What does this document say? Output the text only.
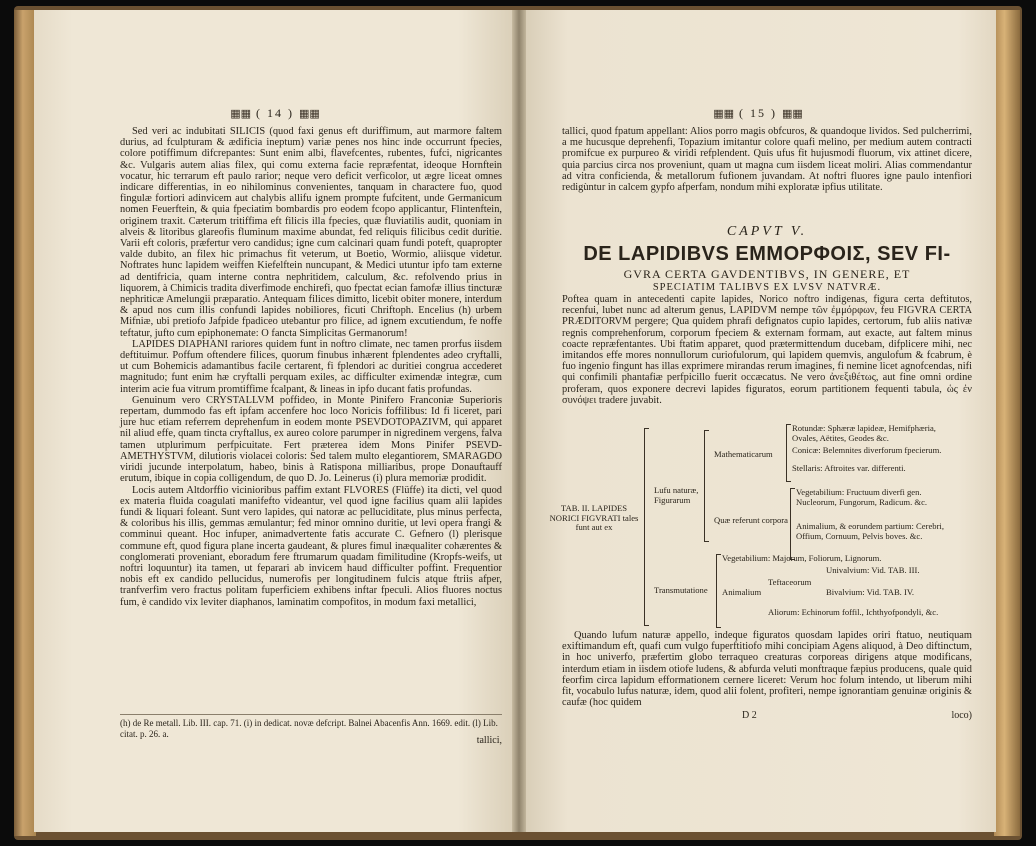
▦▦ ( 14 ) ▦▦

Sed veri ac indubitati SILICIS (quod faxi genus eft duriffimum, aut marmore faltem durius, ad fculpturam & ædificia ineptum) variæ penes nos hinc inde occurrunt fpecies, colore potiffimum difcrepantes: Sunt enim albi, flavefcentes, rubentes, fufci, nigricantes &c. Vulgaris autem alias filex, qui comu externa facie repræfentat, ideoque Hornftein vocatur, hic terrarum eft paulo rarior; neque vero deficit verficolor, ut ægre liceat omnes indicare differentias, in eo nihilominus convenientes, tanquam in charactere fuo, quod fingulæ fortiori adinvicem aut chalybis allifu ignem prompte fufcitent, unde Germanicum nomen Feuerftein, & quia fpeciatim bombardis pro eodem fcopo applicantur, Flintenftein, originem traxit. Cæterum tritiffima eft filicis illa fpecies, quæ fluviatilis audit, quoniam in alveis & litoribus glareofis fluminum maxime abundat, fed reliquis filicibus cedit duritie. Varii eft coloris, præfertur vero candidus; igne cum calcinari quam fundi poteft, quapropter valde dubito, an filex hic primachus fit veterum, ut Boetio, Wormio, aliisque videtur. Noftrates hunc lapidem weiffen Kiefelftein nuncupant, & Medici utuntur ipfo tam externe ad dentifricia, quam interne contra nephritidem, calculum, &c. refolvendo prius in liquorem, à Chimicis tradita diverfimode enchirefi, quo fpectat ecian famofæ illius tincturæ nephriticæ Amelungii præparatio. Antequam filices dimitto, licebit obiter monere, interdum & apud nos cum illis confundi lapides nobiliores, ficuti Chriftoph. Encelius (h) urbem Mifniæ, ubi pretiofo Jafpide fpadiceo utebantur pro filice, ad ignem excutiendum, fe noffe teftatur, jufto cum epiphonemate: O fancta Simplicitas Germanorum!

LAPIDES DIAPHANI rariores quidem funt in noftro climate, nec tamen prorfus iisdem deftituimur. Poffum oftendere filices, quorum finubus inhærent fplendentes adeo cryftalli, ut cum Bohemicis adamantibus facile certarent, fi fplendori ac duritiei congrua accederet magnitudo; funt enim hæ cryftalli perquam exiles, ac difficulter eximendæ integræ, cum interim acie fua vitrum promtiffime fcalpant, & lineas in ipfo ducant fatis profundas.

Genuinum vero CRYSTALLVM poffideo, in Monte Pinifero Franconiæ Superioris repertam, dummodo fas eft ipfam accenfere hoc loco Noricis foffilibus: Id fi liceret, pari jure huc etiam referrem deprehenfum in eodem monte PSEVDOTOPAZIVM, qui apparet nil aliud effe, quam tincta cryftallus, ex aureo colore parumper in nigredinem vergens, falva tamen utplurimum perfpicuitate. Fert præterea idem Mons Pinifer PSEVD-AMETHYSTVM, dilutioris violacei coloris: Sed talem multo elegantiorem, SMARAGDO viridi jucunde interpolatum, habeo, binis à Ratispona milliaribus, prope Donauftauff erutum, ibique in copia colligendum, de quo D. Jo. Leinerus (i) plura memoriæ prodidit.

Locis autem Altdorffio vicinioribus paffim extant FLVORES (Flüffe) ita dicti, vel quod ex materia fluida coagulati manifefto videantur, vel quod igne facilius quam alii lapides fundi & liquari foleant. Sunt vero lapides, qui natoræ ac pelluciditate, plus minus perfecta, & coloribus his illis, gemmas æmulantur; fed minor omnino duritie, ut levi opera frangi & comminui queant. Hoc infuper, animadvertente fatis accurate C. Gefnero (l) plerisque commune eft, quod figura plane incerta gaudeant, & plures fimul inæqualiter cohærentes & conglomerati proveniant, eboradum fere ftrumarum quadam fimilitudine (Kropfs-weifs, ut noftri loquuntur) ita tamen, ut feparari ab invicem haud difficulter poffint. Frequentior nobis eft ex candido pellucidus, numerofis per longitudinem fulcis atque ftriis afper, tranfverfim vero fractus politam fuperficiem exhibens inftar fpeculi. Alios fluores noctus fum, è candido vix leviter diaphanos, laminatim compofitos, in modum faxi metallici,

(h) de Re metall. Lib. III. cap. 71. (i) in dedicat. novæ defcript. Balnei Abacenfis Ann. 1669. edit. (l) Lib. citat. p. 26. a.
tallici,
▦▦ ( 15 ) ▦▦

tallici, quod fpatum appellant: Alios porro magis obfcuros, & quandoque lividos. Sed pulcherrimi, a me hucusque deprehenfi, Topazium imitantur colore quafi melino, per medium autem contracti promifcue ex purpureo & viridi refplendent. Quis ufus fit hujusmodi fluorum, vix attinet dicere, quia parcius circa nos provenìunt, quam ut magna cum iisdem liceat moliri. Alias commendantur ad vitra conficienda, & metallorum fufionem juvandam. At noftri fluores igne paulo intenfiori redigùntur in calcem gypfo afperfam, nondum mihi exploratæ ipfius utilitate.

CAPVT V.
DE LAPIDIBVS EMMOPΦOIΣ, SEV FI-
GVRA CERTA GAVDENTIBVS, IN GENERE, ET
SPECIATIM TALIBVS EX LVSV NATVRÆ.

Poftea quam in antecedenti capite lapides, Norico noftro indigenas, figura certa deftitutos, recenfui, lubet nunc ad alterum genus, LAPIDVM nempe τῶν ἐμμόρφων, feu FIGVRA CERTA PRÆDITORVM pergere; Qua quidem phrafi defignatos cupio lapides, certorum, fub aliis nativæ regnis comprehenforum, corporum fpeciem & externam formam, aut exacte, aut faltem minus coacte repræfentantes. Ubi ftatim apparet, quod prætermittendum ducebam, difplicere mihi, nec imitandos effe mores nonnullorum curiofulorum, qui lapidem quemvis, angulofum & fcabrum, è fuo ingenio fingunt has illas exprimere mirandas rerum imagines, fi nemine licet agnofcendas, nifi qui confimili phantafiæ perfpicillo fuerit occæcatus. Ne vero ἀνεξιθέτως, aut fine omni ordine proferam, quos exponere decrevi lapides figuratos, eorum partitionem fequenti tabula, ὡς ἐν συνόψει tradere juvabit.

TAB. II. LAPIDES NORICI FIGVRATI tales funt aut ex
Lufu naturæ, Figurarum
Mathematicarum
Rotundæ: Sphæræ lapideæ, Hemifphæria, Ovales, Aëtites, Geodes &c.
Conicæ: Belemnites diverforum fpecierum.
Stellaris: Aftroites var. differenti.
Quæ referunt corpora
Vegetabilium: Fructuum diverfi gen. Nucleorum, Fungorum, Radicum. &c.
Animalium, & eorundem partium: Cerebri, Offium, Cornuum, Pelvis boves. &c.
Transmutatione
Vegetabilium: Majorum, Foliorum, Lignorum.
Animalium
Teftaceorum
Univalvium: Vid. TAB. III.
Bivalvium: Vid. TAB. IV.
Aliorum: Echinorum foffil., Ichthyofpondyli, &c.

Quando lufum naturæ appello, indeque figuratos quosdam lapides oriri ftatuo, neutiquam exiftimandum eft, quafi cum vulgo fuperftitiofo mihi concipiam Agens aliquod, à Deo diftinctum, in hoc univerfo, præfertim globo terraqueo creaturas corporeas dirigens atque modificans, interdum etiam in iisdem otiofe ludens, & abfurda veluti monftraque fæpius producens, quale quid feorfim circa lapidum efformationem cernere liceret: Verum hoc folum intendo, ut liberum mihi fit, vocabulo lufus naturæ, idem, quod alii folent, profiteri, nempe ignorantiam genuinæ originis & caufæ (hoc quidem

D 2	loco)
